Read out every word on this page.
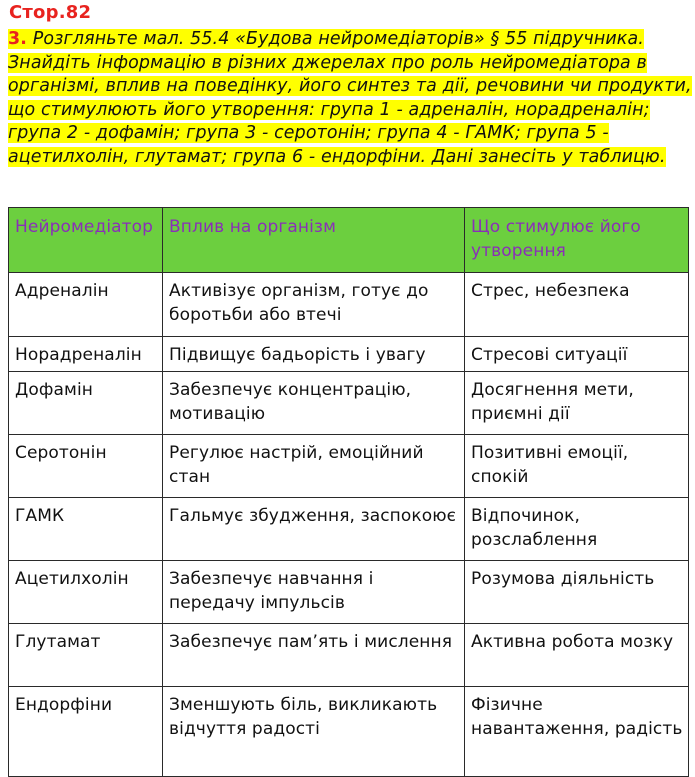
Стор.82
3. Розгляньте мал. 55.4 «Будова нейромедіаторів» § 55 підручника. Знайдіть інформацію в різних джерелах про роль нейромедіатора в організмі, вплив на поведінку, його синтез та дії, речовини чи продукти, що стимулюють його утворення: група 1 - адреналін, норадреналін; група 2 - дофамін; група 3 - серотонін; група 4 - ГАМК; група 5 - ацетилхолін, глутамат; група 6 - ендорфіни. Дані занесіть у таблицю.
Нейромедіатор	Вплив на організм	Що стимулює його утворення
Адреналін	Активізує організм, готує до боротьби або втечі	Стрес, небезпека
Норадреналін	Підвищує бадьорість і увагу	Стресові ситуації
Дофамін	Забезпечує концентрацію, мотивацію	Досягнення мети, приємні дії
Серотонін	Регулює настрій, емоційний стан	Позитивні емоції, спокій
ГАМК	Гальмує збудження, заспокоює	Відпочинок, розслаблення
Ацетилхолін	Забезпечує навчання і передачу імпульсів	Розумова діяльність
Глутамат	Забезпечує пам’ять і мислення	Активна робота мозку
Ендорфіни	Зменшують біль, викликають відчуття радості	Фізичне навантаження, радість
